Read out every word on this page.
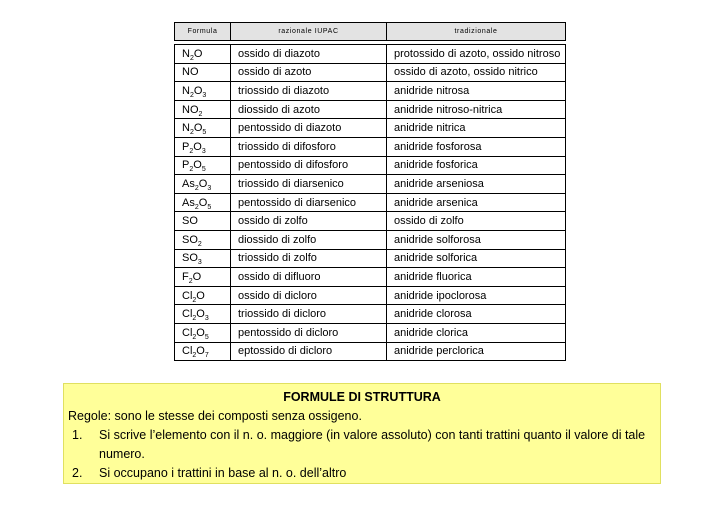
Formula	razionale IUPAC	tradizionale

$N_2O$	ossido di diazoto	protossido di azoto, ossido nitroso
NO	ossido di azoto	ossido di azoto, ossido nitrico
$N_2O_3$	triossido di diazoto	anidride nitrosa
$NO_2$	diossido di azoto	anidride nitroso-nitrica
$N_2O_5$	pentossido di diazoto	anidride nitrica
$P_2O_3$	triossido di difosforo	anidride fosforosa
$P_2O_5$	pentossido di difosforo	anidride fosforica
$As_2O_3$	triossido di diarsenico	anidride arseniosa
$As_2O_5$	pentossido di diarsenico	anidride arsenica
SO	ossido di zolfo	ossido di zolfo
$SO_2$	diossido di zolfo	anidride solforosa
$SO_3$	triossido di zolfo	anidride solforica
$F_2O$	ossido di difluoro	anidride fluorica
$Cl_2O$	ossido di dicloro	anidride ipoclorosa
$Cl_2O_3$	triossido di dicloro	anidride clorosa
$Cl_2O_5$	pentossido di dicloro	anidride clorica
$Cl_2O_7$	eptossido di dicloro	anidride perclorica
FORMULE DI STRUTTURA
Regole: sono le stesse dei composti senza ossigeno.
1.	Si scrive l’elemento con il n. o. maggiore (in valore assoluto) con tanti trattini quanto il valore di tale numero.
2.	Si occupano i trattini in base al n. o. dell’altro
